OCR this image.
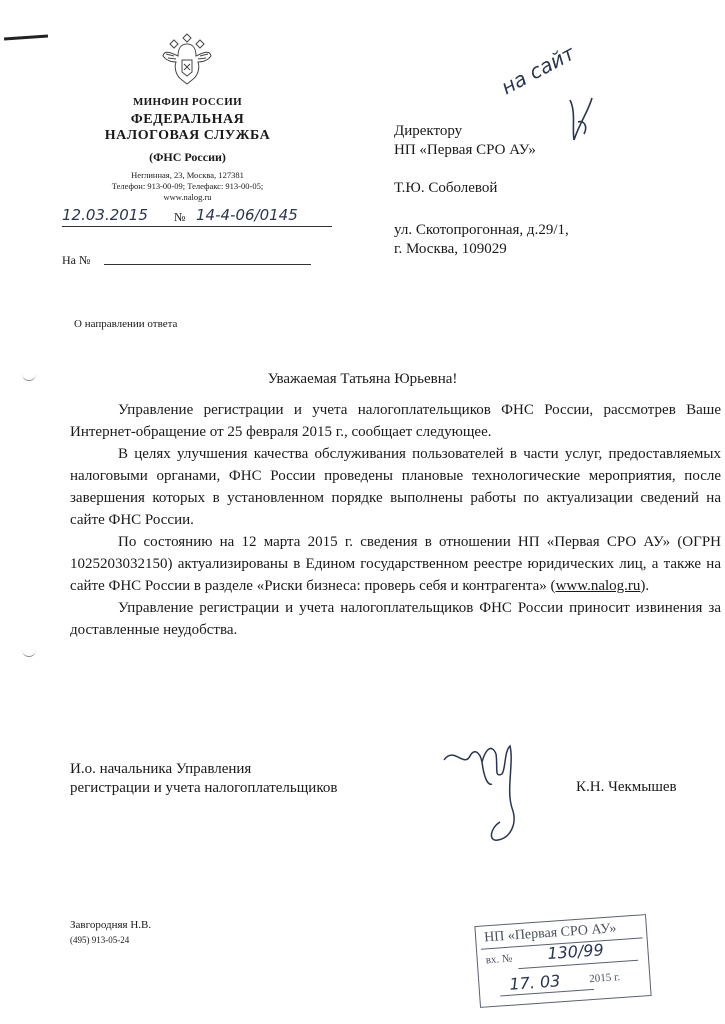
МИНФИН РОССИИ
ФЕДЕРАЛЬНАЯ
НАЛОГОВАЯ СЛУЖБА
(ФНС России)
Неглинная, 23, Москва, 127381
Телефон: 913-00-09; Телефакс: 913-00-05;
www.nalog.ru
12.03.2015 № 14-4-06/0145
На №
Директору
НП «Первая СРО АУ»
Т.Ю. Соболевой
ул. Скотопрогонная, д.29/1,
г. Москва, 109029
на сайт
О направлении ответа
Уважаемая Татьяна Юрьевна!

Управление регистрации и учета налогоплательщиков ФНС России, рассмотрев Ваше Интернет-обращение от 25 февраля 2015 г., сообщает следующее.

В целях улучшения качества обслуживания пользователей в части услуг, предоставляемых налоговыми органами, ФНС России проведены плановые технологические мероприятия, после завершения которых в установленном порядке выполнены работы по актуализации сведений на сайте ФНС России.

По состоянию на 12 марта 2015 г. сведения в отношении НП «Первая СРО АУ» (ОГРН 1025203032150) актуализированы в Едином государственном реестре юридических лиц, а также на сайте ФНС России в разделе «Риски бизнеса: проверь себя и контрагента» (www.nalog.ru).

Управление регистрации и учета налогоплательщиков ФНС России приносит извинения за доставленные неудобства.

И.о. начальника Управления
регистрации и учета налогоплательщиков	К.Н. Чекмышев
Завгородняя Н.В.
(495) 913-05-24	НП «Первая СРО АУ»
вх. № 130/99
17. 03	2015 г.
